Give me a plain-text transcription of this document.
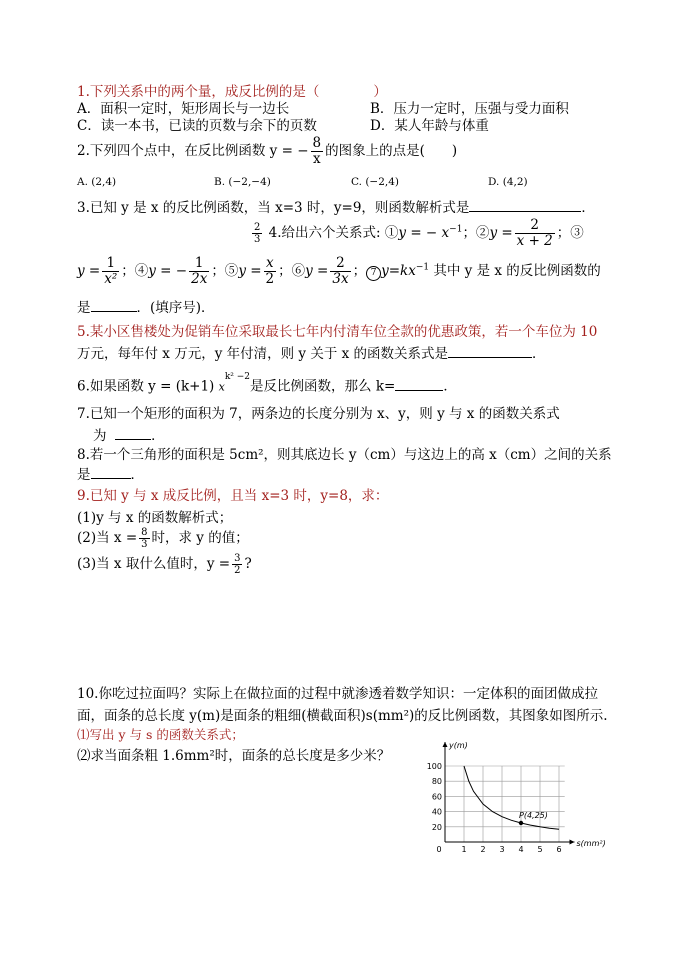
1.下列关系中的两个量，成反比例的是（　　　　）
A．面积一定时，矩形周长与一边长	B．压力一定时，压强与受力面积
C．读一本书，已读的页数与余下的页数	D．某人年龄与体重
2.下列四个点中，在反比例函数 y = − $\frac{8}{x}$ 的图象上的点是(　　)
A. (2,4)	B. (−2,−4)	C. (−2,4)	D. (4,2)
3.已知 y 是 x 的反比例函数，当 x=3 时，y=9，则函数解析式是	．
$\frac{2}{3} 4$.给出六个关系式: ①y = − $x^{-1}$；②y = $\frac{2}{x + 2}$ ；③
$y = \frac{1}{\text{x²}}$ ；④y = − $\frac{1}{2x}$ ；⑤y = $\frac{x}{2}$ ；⑥y = $\frac{2}{3x}$ ； 7 $y=kx^{-1}$ 其中 y 是 x 的反比例函数的
是	．(填序号)．
5.某小区售楼处为促销车位采取最长七年内付清车位全款的优惠政策，若一个车位为 10
万元，每年付 x 万元，y 年付清，则 y 关于 x 的函数关系式是	．
6.如果函数 y = (k+1) $x^{k^2 -2}$是反比例函数，那么 k=	．
7.已知一个矩形的面积为 7，两条边的长度分别为 x、y，则 y 与 x 的函数关系式
为	．
8.若一个三角形的面积是 5cm²，则其底边长 y（cm）与这边上的高 x（cm）之间的关系
是	．
9.已知 y 与 x 成反比例，且当 x=3 时，y=8，求：
(1)y 与 x 的函数解析式；
(2)当 $x = \frac{8}{3}$ 时，求 y 的值；
(3)当 x 取什么值时，$y = \frac{3}{2}$ ?
10.你吃过拉面吗？实际上在做拉面的过程中就渗透着数学知识：一定体积的面团做成拉
面，面条的总长度 y(m)是面条的粗细(横截面积)s(mm²)的反比例函数，其图象如图所示.
⑴写出 y 与 s 的函数关系式；
⑵求当面条粗 1.6mm²时，面条的总长度是多少米？
0 1 2 3 4 5 6
20
40
60
80
100
y(m)
s(mm²)
P(4,25)
